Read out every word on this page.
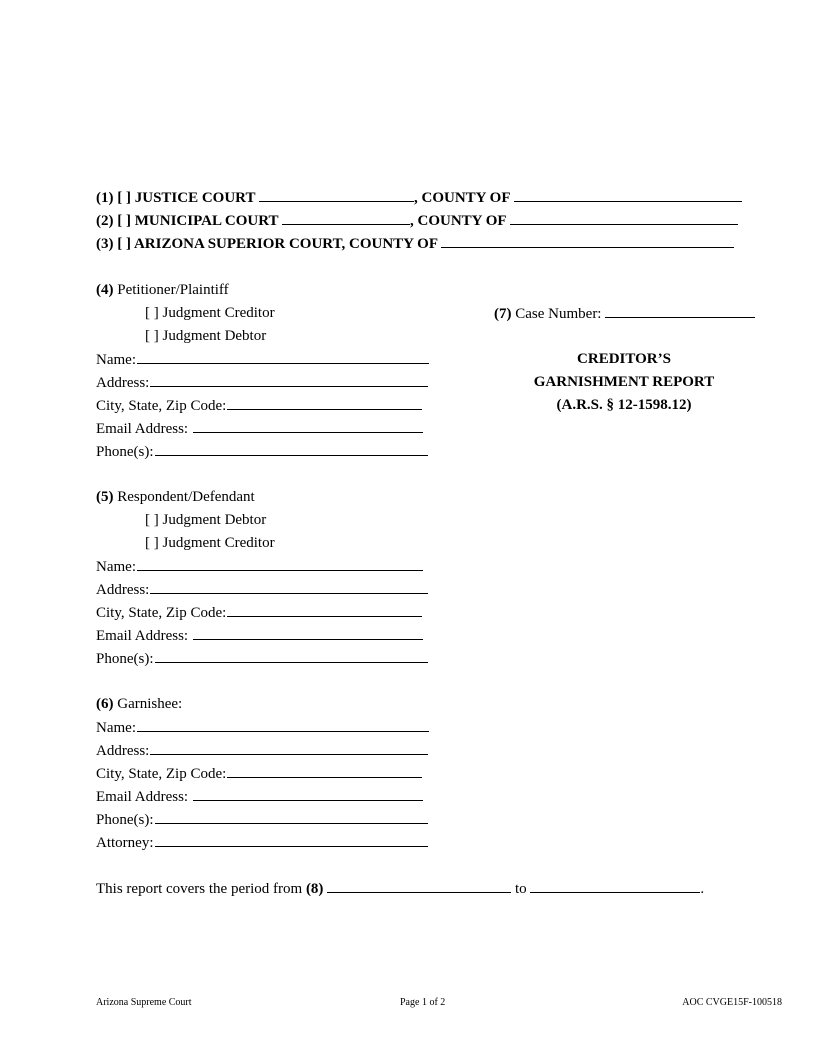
(1) [ ] JUSTICE COURT	, COUNTY OF
(2) [ ] MUNICIPAL COURT	, COUNTY OF
(3) [ ] ARIZONA SUPERIOR COURT, COUNTY OF
(4) Petitioner/Plaintiff
[ ] Judgment Creditor
[ ] Judgment Debtor
Name:
Address:
City, State, Zip Code:
Email Address:
Phone(s):
(7) Case Number:
CREDITOR’S
GARNISHMENT REPORT
(A.R.S. § 12-1598.12)
(5) Respondent/Defendant
[ ] Judgment Debtor
[ ] Judgment Creditor
Name:
Address:
City, State, Zip Code:
Email Address:
Phone(s):
(6) Garnishee:
Name:
Address:
City, State, Zip Code:
Email Address:
Phone(s):
Attorney:
This report covers the period from (8)	to	.
Arizona Supreme Court	Page 1 of 2	AOC CVGE15F-100518
